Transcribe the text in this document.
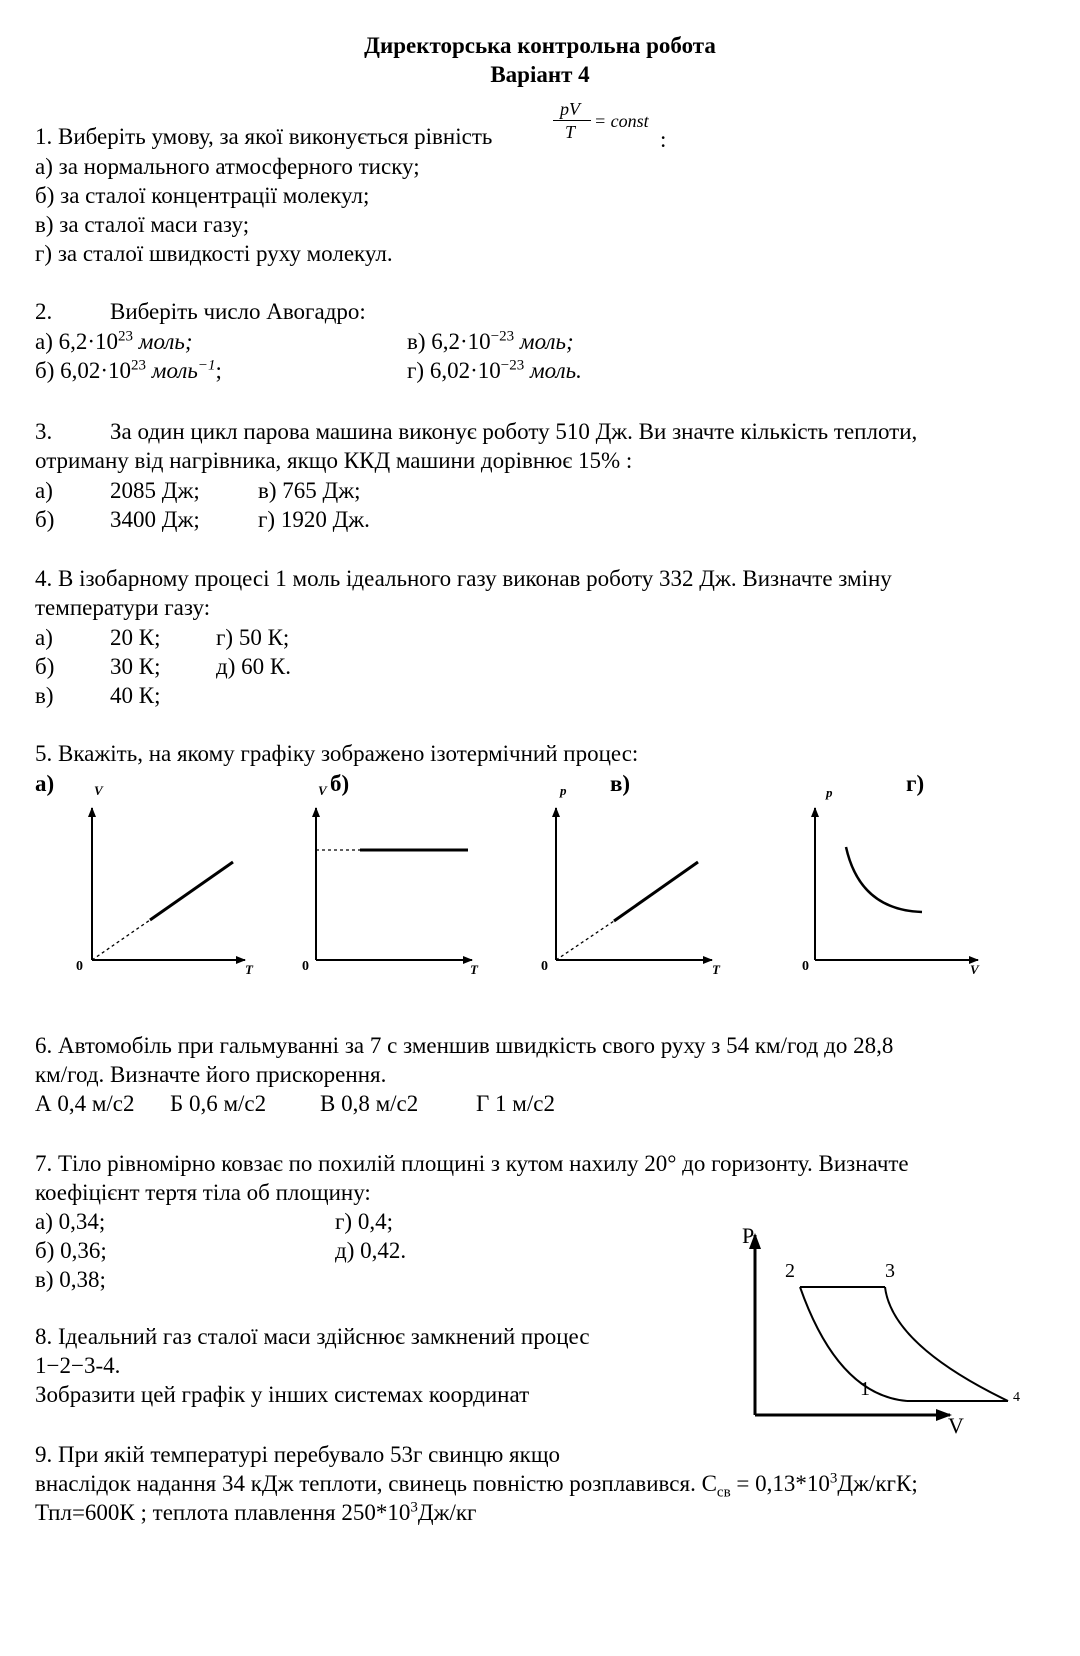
Директорська контрольна робота
Варіант 4
1. Виберіть умову, за якої виконується рівність
pV
T
= const
:
а) за нормального атмосферного тиску;
б) за сталої концентрації молекул;
в) за сталої маси газу;
г) за сталої швидкості руху молекул.
2.	Виберіть число Авогадро:
а) $6,2\cdot 10^{23}$ моль;
б) $6,02\cdot 10^{23}$ моль$^{-1}$;
в) $6,2\cdot 10^{-23}$ моль;
г) $6,02\cdot 10^{-23}$ моль.
3.	За один цикл парова машина виконує роботу 510 Дж. Ви значте кількість теплоти,
отриману від нагрівника, якщо ККД машини дорівнює 15% :
а) 2085 Дж;	в) 765 Дж;
б) 3400 Дж;	г) 1920 Дж.
4. В ізобарному процесі 1 моль ідеального газу виконав роботу 332 Дж. Визначте зміну
температури газу:
а) 20 К; г) 50 К;
б) 30 К; д) 60 К.
в) 40 К;
5. Вкажіть, на якому графіку зображено ізотермічний процес:
а)	б)	в)	г)
V
T
0
V
T
0
p
T
0
p
V
0
6. Автомобіль при гальмуванні за 7 с зменшив швидкість свого руху з 54 км/год до 28,8
км/год. Визначте його прискорення.
А 0,4 м/с2 Б 0,6 м/с2 В 0,8 м/с2	Г 1 м/с2
7. Тіло рівномірно ковзає по похилій площині з кутом нахилу 20° до горизонту. Визначте
коефіцієнт тертя тіла об площину:
а) 0,34;	г) 0,4;
б) 0,36;	д) 0,42.
в) 0,38;
8. Ідеальний газ сталої маси здійснює замкнений процес
1−2−3-4.
Зобразити цей графік у інших системах координат
P
V
1
2	3
4
9. При якій температурі перебувало 53г свинцю якщо
внаслідок надання 34 кДж теплоти, свинець повністю розплавився. $С_{св} = 0,13*10^3Дж/кгК$;
Тпл=600К ; теплота плавлення $250*10^3Дж/кг$
